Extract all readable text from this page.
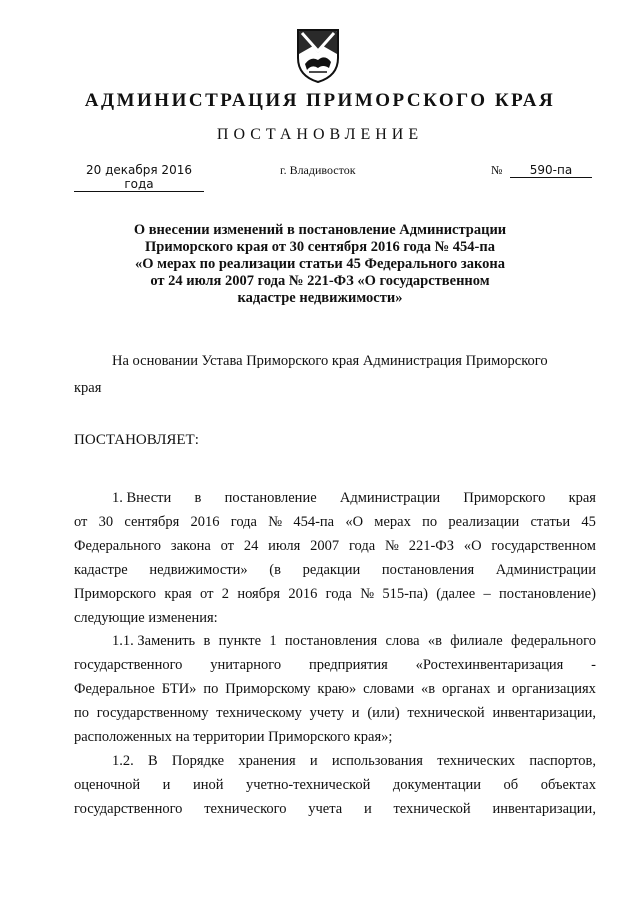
АДМИНИСТРАЦИЯ ПРИМОРСКОГО КРАЯ
ПОСТАНОВЛЕНИЕ
20 декабря 2016 года
г. Владивосток	№	590-па
О внесении изменений в постановление Администрации
Приморского края от 30 сентября 2016 года № 454-па
«О мерах по реализации статьи 45 Федерального закона
от 24 июля 2007 года № 221-ФЗ «О государственном
кадастре недвижимости»
На основании Устава Приморского края Администрация Приморского
края
ПОСТАНОВЛЯЕТ:
1. Внести в постановление Администрации Приморского края
от 30 сентября 2016 года № 454-па «О мерах по реализации статьи 45
Федерального закона от 24 июля 2007 года № 221-ФЗ «О государственном
кадастре недвижимости» (в редакции постановления Администрации
Приморского края от 2 ноября 2016 года № 515-па) (далее – постановление)
следующие изменения:
1.1. Заменить в пункте 1 постановления слова «в филиале федерального
государственного унитарного предприятия «Ростехинвентаризация -
Федеральное БТИ» по Приморскому краю» словами «в органах и организациях
по государственному техническому учету и (или) технической инвентаризации,
расположенных на территории Приморского края»;
1.2. В Порядке хранения и использования технических паспортов,
оценочной и иной учетно-технической документации об объектах
государственного технического учета и технической инвентаризации,
